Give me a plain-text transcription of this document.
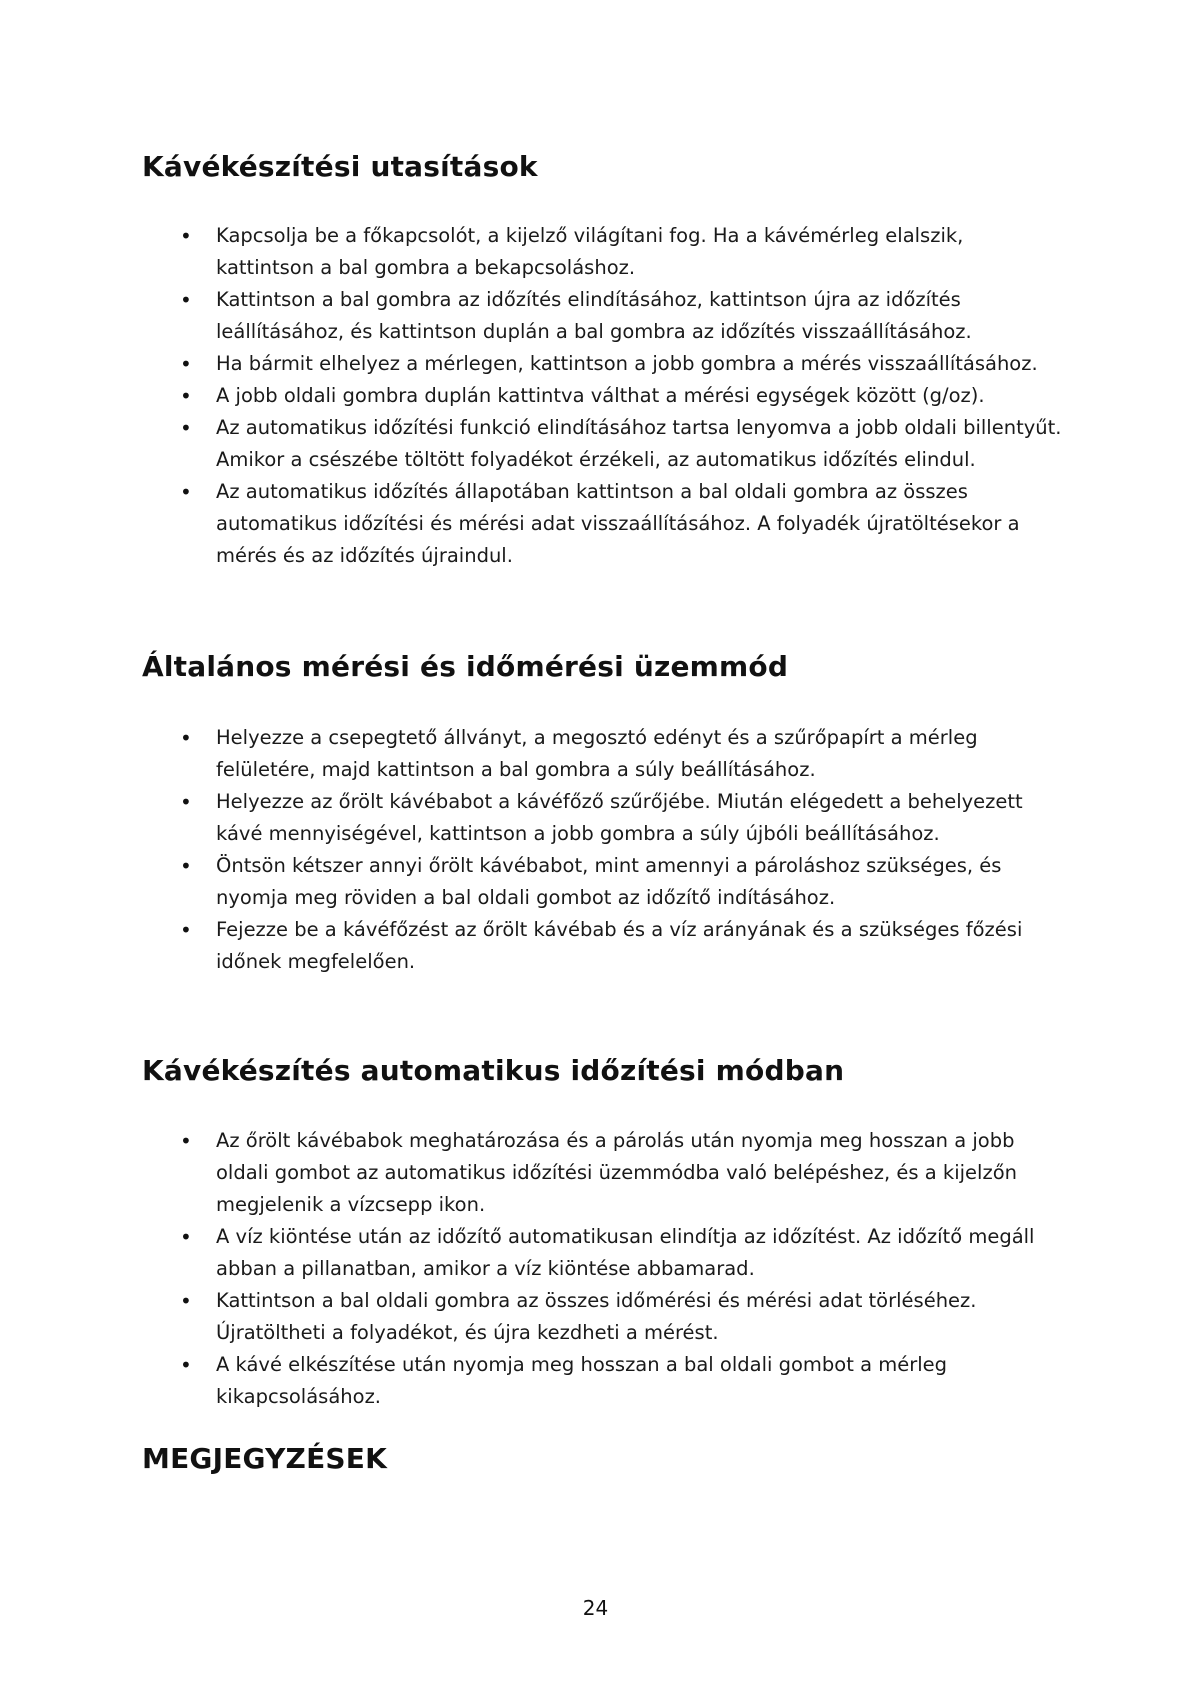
Kávékészítési utasítások
• Kapcsolja be a főkapcsolót, a kijelző világítani fog. Ha a kávémérleg elalszik, kattintson a bal gombra a bekapcsoláshoz.
• Kattintson a bal gombra az időzítés elindításához, kattintson újra az időzítés leállításához, és kattintson duplán a bal gombra az időzítés visszaállításához.
• Ha bármit elhelyez a mérlegen, kattintson a jobb gombra a mérés visszaállításához.
• A jobb oldali gombra duplán kattintva válthat a mérési egységek között (g/oz).
• Az automatikus időzítési funkció elindításához tartsa lenyomva a jobb oldali billentyűt. Amikor a csészébe töltött folyadékot érzékeli, az automatikus időzítés elindul.
• Az automatikus időzítés állapotában kattintson a bal oldali gombra az összes automatikus időzítési és mérési adat visszaállításához. A folyadék újratöltésekor a mérés és az időzítés újraindul.
Általános mérési és időmérési üzemmód
• Helyezze a csepegtető állványt, a megosztó edényt és a szűrőpapírt a mérleg felületére, majd kattintson a bal gombra a súly beállításához.
• Helyezze az őrölt kávébabot a kávéfőző szűrőjébe. Miután elégedett a behelyezett kávé mennyiségével, kattintson a jobb gombra a súly újbóli beállításához.
• Öntsön kétszer annyi őrölt kávébabot, mint amennyi a pároláshoz szükséges, és nyomja meg röviden a bal oldali gombot az időzítő indításához.
• Fejezze be a kávéfőzést az őrölt kávébab és a víz arányának és a szükséges főzési időnek megfelelően.
Kávékészítés automatikus időzítési módban
• Az őrölt kávébabok meghatározása és a párolás után nyomja meg hosszan a jobb oldali gombot az automatikus időzítési üzemmódba való belépéshez, és a kijelzőn megjelenik a vízcsepp ikon.
• A víz kiöntése után az időzítő automatikusan elindítja az időzítést. Az időzítő megáll abban a pillanatban, amikor a víz kiöntése abbamarad.
• Kattintson a bal oldali gombra az összes időmérési és mérési adat törléséhez. Újratöltheti a folyadékot, és újra kezdheti a mérést.
• A kávé elkészítése után nyomja meg hosszan a bal oldali gombot a mérleg kikapcsolásához.
MEGJEGYZÉSEK
24
